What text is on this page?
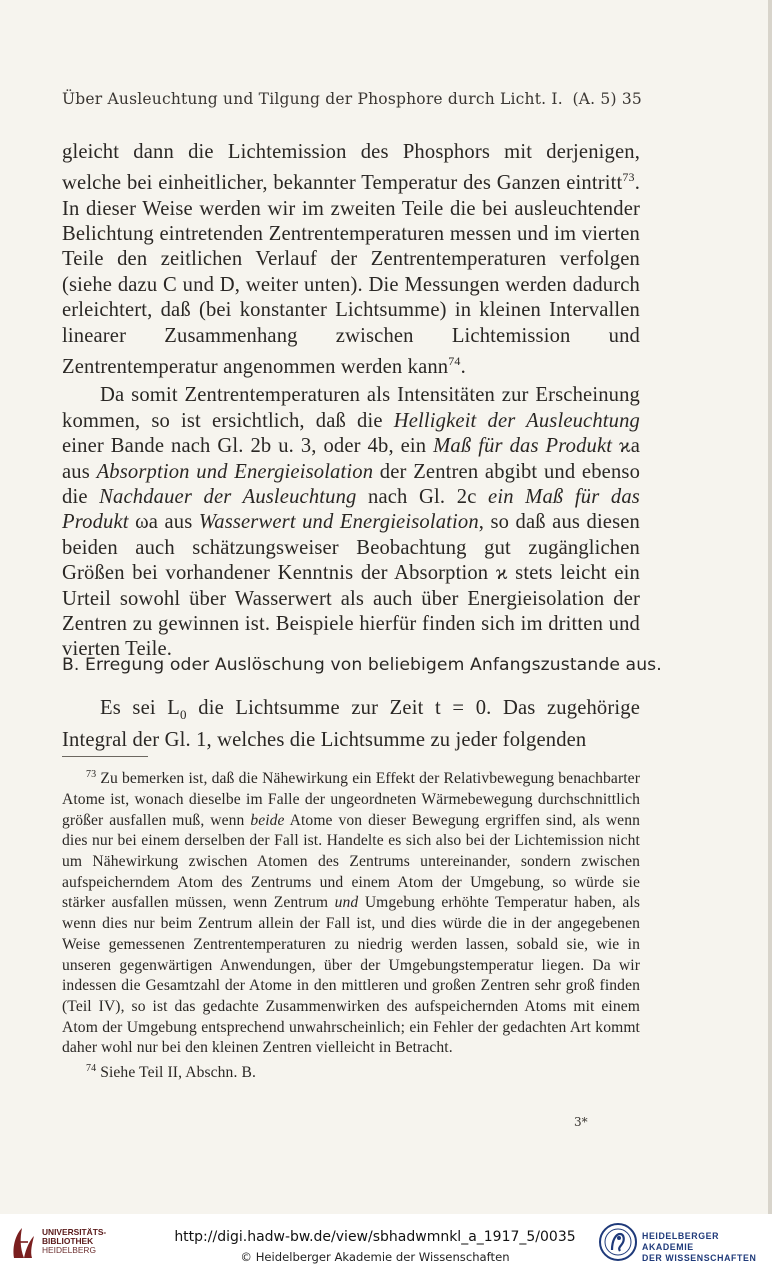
Über Ausleuchtung und Tilgung der Phosphore durch Licht. I. (A. 5) 35

gleicht dann die Lichtemission des Phosphors mit derjenigen, welche bei einheitlicher, bekannter Temperatur des Ganzen eintritt$^{73}$. In dieser Weise werden wir im zweiten Teile die bei ausleuchtender Belichtung eintretenden Zentrentemperaturen messen und im vierten Teile den zeitlichen Verlauf der Zentrentemperaturen verfolgen (siehe dazu C und D, weiter unten). Die Messungen werden dadurch erleichtert, daß (bei konstanter Lichtsumme) in kleinen Intervallen linearer Zusammenhang zwischen Lichtemission und Zentrentemperatur angenommen werden kann$^{74}$.

Da somit Zentrentemperaturen als Intensitäten zur Erscheinung kommen, so ist ersichtlich, daß die Helligkeit der Ausleuchtung einer Bande nach Gl. 2b u. 3, oder 4b, ein Maß für das Produkt ϰa aus Absorption und Energieisolation der Zentren abgibt und ebenso die Nachdauer der Ausleuchtung nach Gl. 2c ein Maß für das Produkt ωa aus Wasserwert und Energieisolation, so daß aus diesen beiden auch schätzungsweiser Beobachtung gut zugänglichen Größen bei vorhandener Kenntnis der Absorption ϰ stets leicht ein Urteil sowohl über Wasserwert als auch über Energieisolation der Zentren zu gewinnen ist. Beispiele hierfür finden sich im dritten und vierten Teile.

B. Erregung oder Auslöschung von beliebigem Anfangszustande aus.
Es sei $L_0$ die Lichtsumme zur Zeit t = 0. Das zugehörige Integral der Gl. 1, welches die Lichtsumme zu jeder folgenden

$^{73}$ Zu bemerken ist, daß die Nähewirkung ein Effekt der Relativbewegung benachbarter Atome ist, wonach dieselbe im Falle der ungeordneten Wärmebewegung durchschnittlich größer ausfallen muß, wenn beide Atome von dieser Bewegung ergriffen sind, als wenn dies nur bei einem derselben der Fall ist. Handelte es sich also bei der Lichtemission nicht um Nähewirkung zwischen Atomen des Zentrums untereinander, sondern zwischen aufspeicherndem Atom des Zentrums und einem Atom der Umgebung, so würde sie stärker ausfallen müssen, wenn Zentrum und Umgebung erhöhte Temperatur haben, als wenn dies nur beim Zentrum allein der Fall ist, und dies würde die in der angegebenen Weise gemessenen Zentrentemperaturen zu niedrig werden lassen, sobald sie, wie in unseren gegenwärtigen Anwendungen, über der Umgebungstemperatur liegen. Da wir indessen die Gesamtzahl der Atome in den mittleren und großen Zentren sehr groß finden (Teil IV), so ist das gedachte Zusammenwirken des aufspeichernden Atoms mit einem Atom der Umgebung entsprechend unwahrscheinlich; ein Fehler der gedachten Art kommt daher wohl nur bei den kleinen Zentren vielleicht in Betracht.

$^{74}$ Siehe Teil II, Abschn. B.

3*
UNIVERSITÄTS-
BIBLIOTHEK
HEIDELBERG
http://digi.hadw-bw.de/view/sbhadwmnkl_a_1917_5/0035
© Heidelberger Akademie der Wissenschaften
HEIDELBERGER AKADEMIE
DER WISSENSCHAFTEN
